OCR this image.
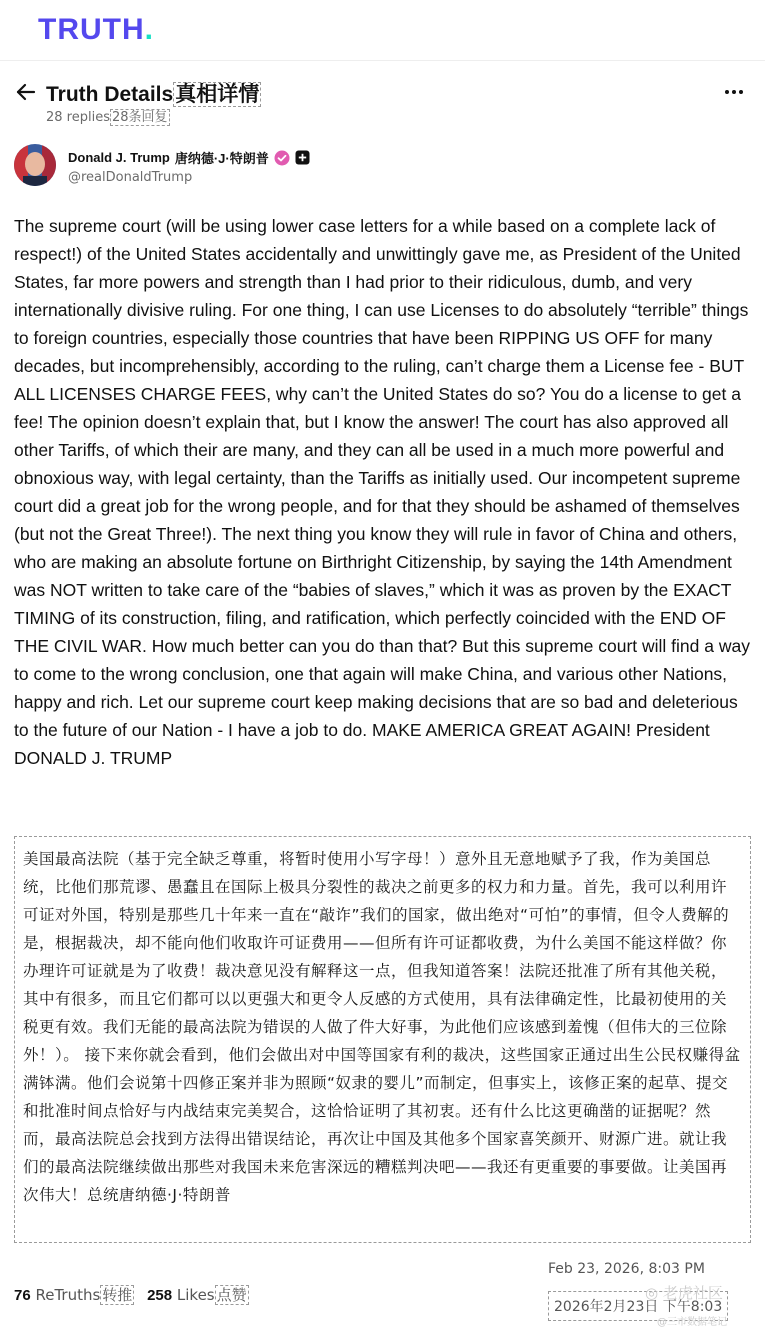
TRUTH.
Truth Details真相详情
28 replies 28条回复
Donald J. Trump 唐纳德·J·特朗普
@realDonaldTrump
The supreme court (will be using lower case letters for a while based on a complete lack of respect!) of the United States accidentally and unwittingly gave me, as President of the United States, far more powers and strength than I had prior to their ridiculous, dumb, and very internationally divisive ruling. For one thing, I can use Licenses to do absolutely “terrible” things to foreign countries, especially those countries that have been RIPPING US OFF for many decades, but incomprehensibly, according to the ruling, can’t charge them a License fee - BUT ALL LICENSES CHARGE FEES, why can’t the United States do so? You do a license to get a fee! The opinion doesn’t explain that, but I know the answer! The court has also approved all other Tariffs, of which their are many, and they can all be used in a much more powerful and obnoxious way, with legal certainty, than the Tariffs as initially used. Our incompetent supreme court did a great job for the wrong people, and for that they should be ashamed of themselves (but not the Great Three!). The next thing you know they will rule in favor of China and others, who are making an absolute fortune on Birthright Citizenship, by saying the 14th Amendment was NOT written to take care of the “babies of slaves,” which it was as proven by the EXACT TIMING of its construction, filing, and ratification, which perfectly coincided with the END OF THE CIVIL WAR. How much better can you do than that? But this supreme court will find a way to come to the wrong conclusion, one that again will make China, and various other Nations, happy and rich. Let our supreme court keep making decisions that are so bad and deleterious to the future of our Nation - I have a job to do. MAKE AMERICA GREAT AGAIN! President DONALD J. TRUMP
美国最高法院（基于完全缺乏尊重，将暂时使用小写字母！）意外且无意地赋予了我，作为美国总统，比他们那荒谬、愚蠢且在国际上极具分裂性的裁决之前更多的权力和力量。首先，我可以利用许可证对外国，特别是那些几十年来一直在“敲诈”我们的国家，做出绝对“可怕”的事情，但令人费解的是，根据裁决，却不能向他们收取许可证费用——但所有许可证都收费，为什么美国不能这样做？你办理许可证就是为了收费！裁决意见没有解释这一点，但我知道答案！法院还批准了所有其他关税，其中有很多，而且它们都可以以更强大和更令人反感的方式使用，具有法律确定性，比最初使用的关税更有效。我们无能的最高法院为错误的人做了件大好事，为此他们应该感到羞愧（但伟大的三位除外！）。 接下来你就会看到，他们会做出对中国等国家有利的裁决，这些国家正通过出生公民权赚得盆满钵满。他们会说第十四修正案并非为照顾“奴隶的婴儿”而制定，但事实上，该修正案的起草、提交和批准时间点恰好与内战结束完美契合，这恰恰证明了其初衷。还有什么比这更确凿的证据呢？然而，最高法院总会找到方法得出错误结论，再次让中国及其他多个国家喜笑颜开、财源广进。就让我们的最高法院继续做出那些对我国未来危害深远的糟糕判决吧——我还有更重要的事要做。让美国再次伟大！总统唐纳德·J·特朗普
Feb 23, 2026, 8:03 PM
2026年2月23日 下午8:03
76 ReTruths 转推 258 Likes 点赞	◎ 老虎社区
@三市数据笔记
